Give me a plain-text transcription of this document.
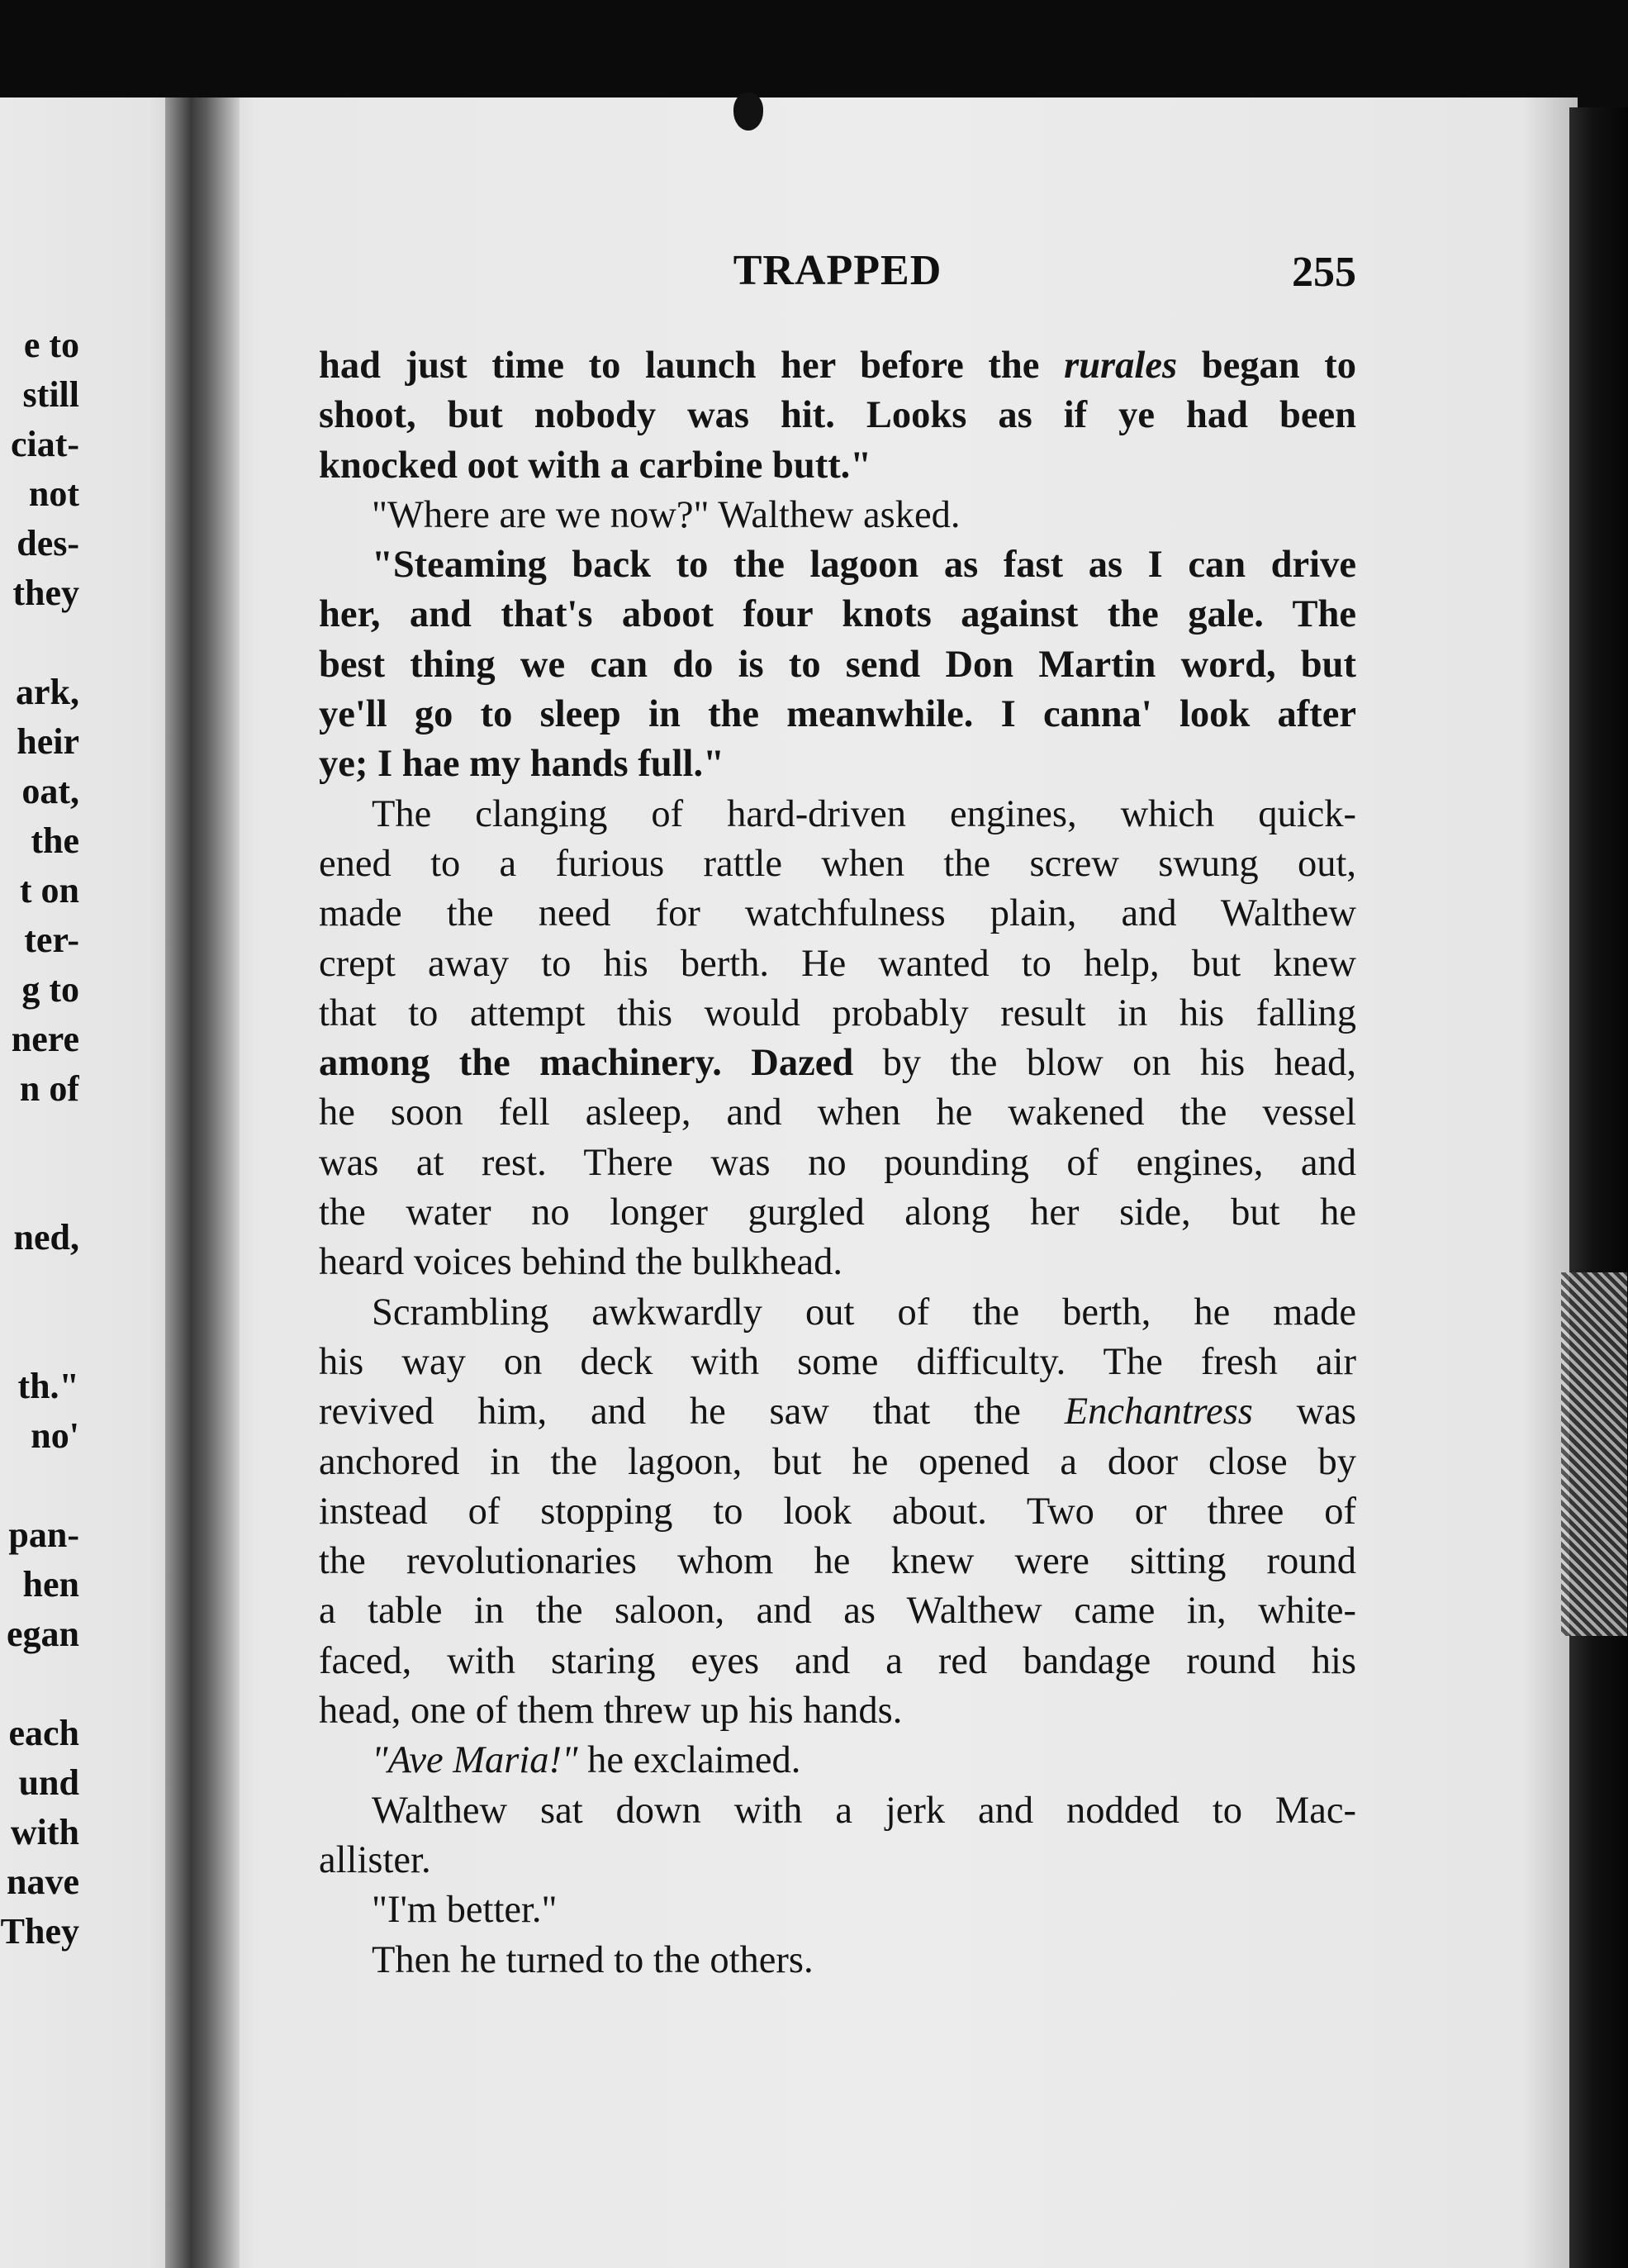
e to
still
ciat-
not
des-
they
ark,
heir
oat,
the
t on
ter-
g to
nere
n of
ned,
th."
no'
pan-
hen
egan
each
und
with
nave
They
TRAPPED	255
had just time to launch her before the rurales began to
shoot, but nobody was hit. Looks as if ye had been
knocked oot with a carbine butt."
"Where are we now?" Walthew asked.
"Steaming back to the lagoon as fast as I can drive
her, and that's aboot four knots against the gale. The
best thing we can do is to send Don Martin word, but
ye'll go to sleep in the meanwhile. I canna' look after
ye; I hae my hands full."
The clanging of hard-driven engines, which quick-
ened to a furious rattle when the screw swung out,
made the need for watchfulness plain, and Walthew
crept away to his berth. He wanted to help, but knew
that to attempt this would probably result in his falling
among the machinery. Dazed by the blow on his head,
he soon fell asleep, and when he wakened the vessel
was at rest. There was no pounding of engines, and
the water no longer gurgled along her side, but he
heard voices behind the bulkhead.
Scrambling awkwardly out of the berth, he made
his way on deck with some difficulty. The fresh air
revived him, and he saw that the Enchantress was
anchored in the lagoon, but he opened a door close by
instead of stopping to look about. Two or three of
the revolutionaries whom he knew were sitting round
a table in the saloon, and as Walthew came in, white-
faced, with staring eyes and a red bandage round his
head, one of them threw up his hands.
"Ave Maria!" he exclaimed.
Walthew sat down with a jerk and nodded to Mac-
allister.
"I'm better."
Then he turned to the others.
